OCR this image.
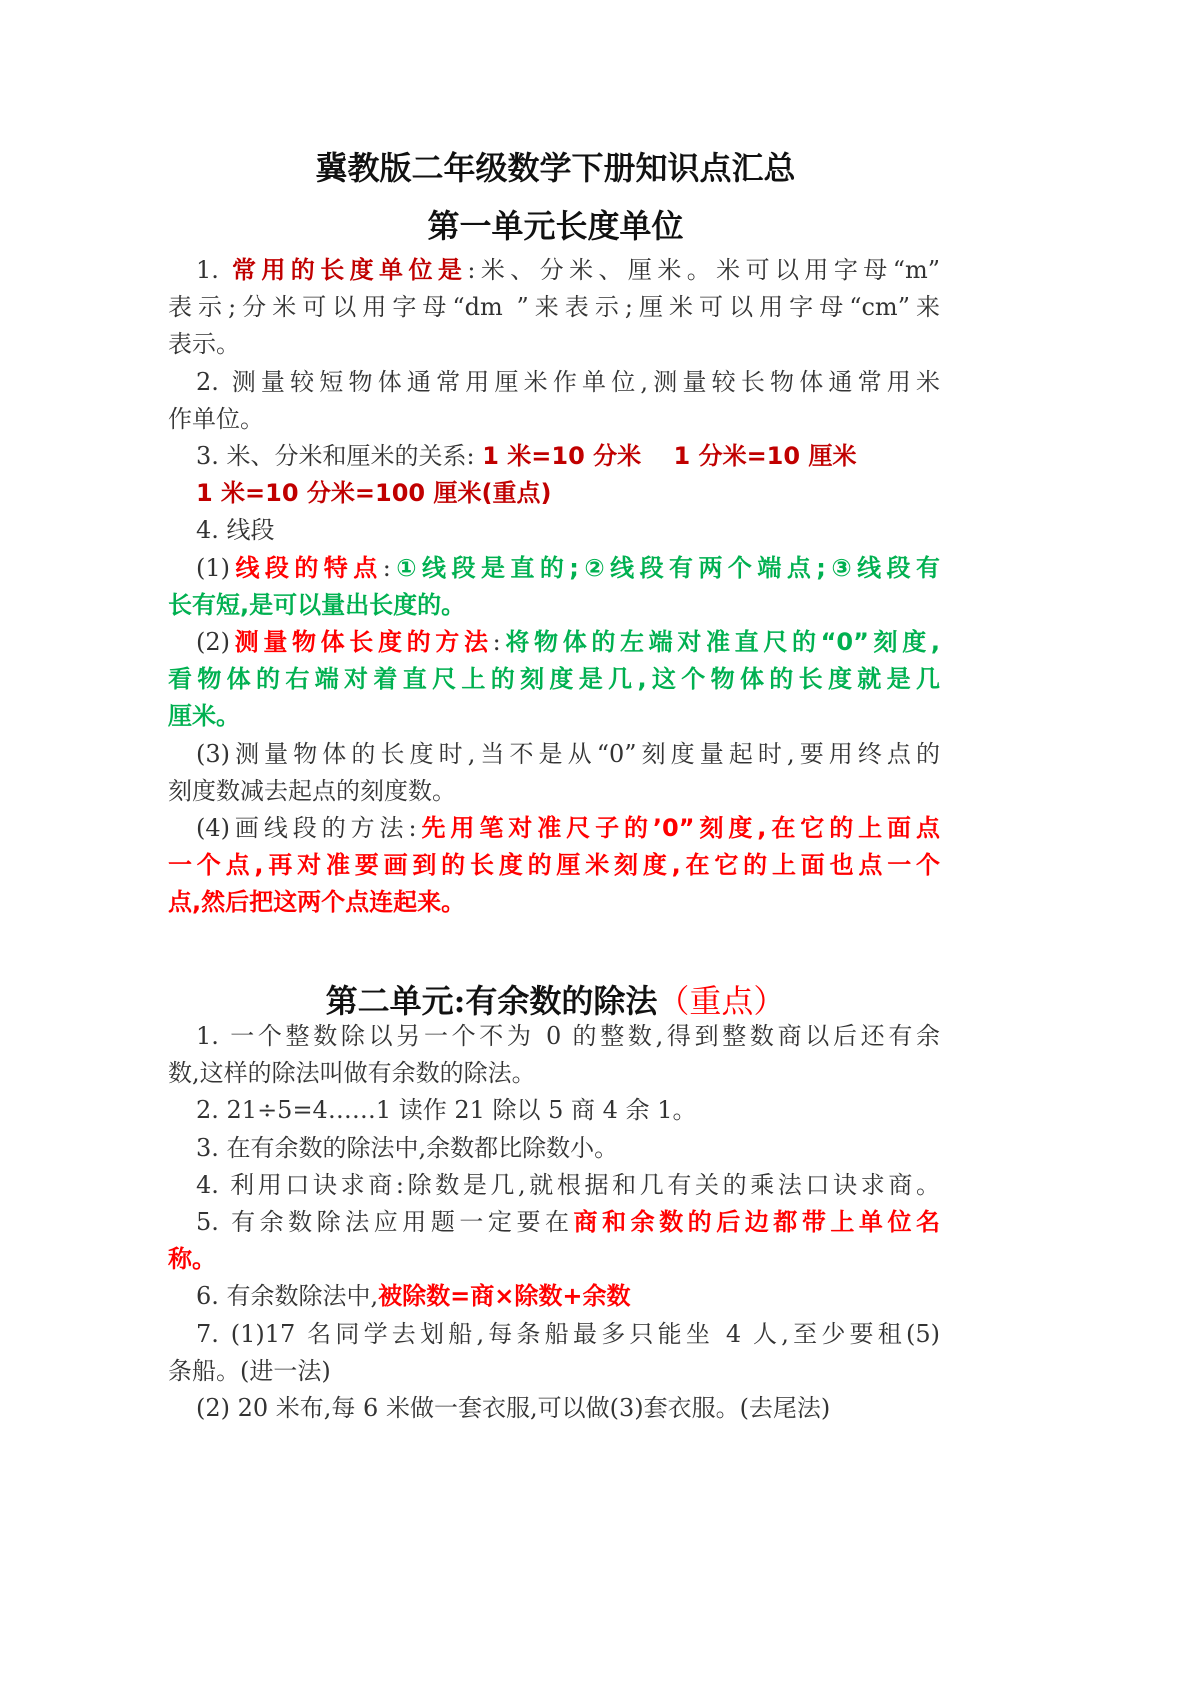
冀教版二年级数学下册知识点汇总
第一单元长度单位
1. 常用的长度单位是:米、分米、厘米。米可以用字母“m”
表示;分米可以用字母“dm ”来表示;厘米可以用字母“cm”来
表示。
2. 测量较短物体通常用厘米作单位,测量较长物体通常用米
作单位。
3. 米、分米和厘米的关系: 1 米=10 分米　 1 分米=10 厘米
1 米=10 分米=100 厘米(重点)
4. 线段
(1)线段的特点:①线段是直的;②线段有两个端点;③线段有
长有短,是可以量出长度的。
(2)测量物体长度的方法:将物体的左端对准直尺的“0”刻度,
看物体的右端对着直尺上的刻度是几,这个物体的长度就是几
厘米。
(3)测量物体的长度时,当不是从“0”刻度量起时,要用终点的
刻度数减去起点的刻度数。
(4)画线段的方法:先用笔对准尺子的’0”刻度,在它的上面点
一个点,再对准要画到的长度的厘米刻度,在它的上面也点一个
点,然后把这两个点连起来。
第二单元:有余数的除法（重点）
1. 一个整数除以另一个不为 0 的整数,得到整数商以后还有余
数,这样的除法叫做有余数的除法。
2. 21÷5=4……1 读作 21 除以 5 商 4 余 1。
3. 在有余数的除法中,余数都比除数小。
4. 利用口诀求商:除数是几,就根据和几有关的乘法口诀求商。
5. 有余数除法应用题一定要在商和余数的后边都带上单位名
称。
6. 有余数除法中,被除数=商×除数+余数
7. (1)17 名同学去划船,每条船最多只能坐 4 人,至少要租(5)
条船。(进一法)
(2) 20 米布,每 6 米做一套衣服,可以做(3)套衣服。(去尾法)
